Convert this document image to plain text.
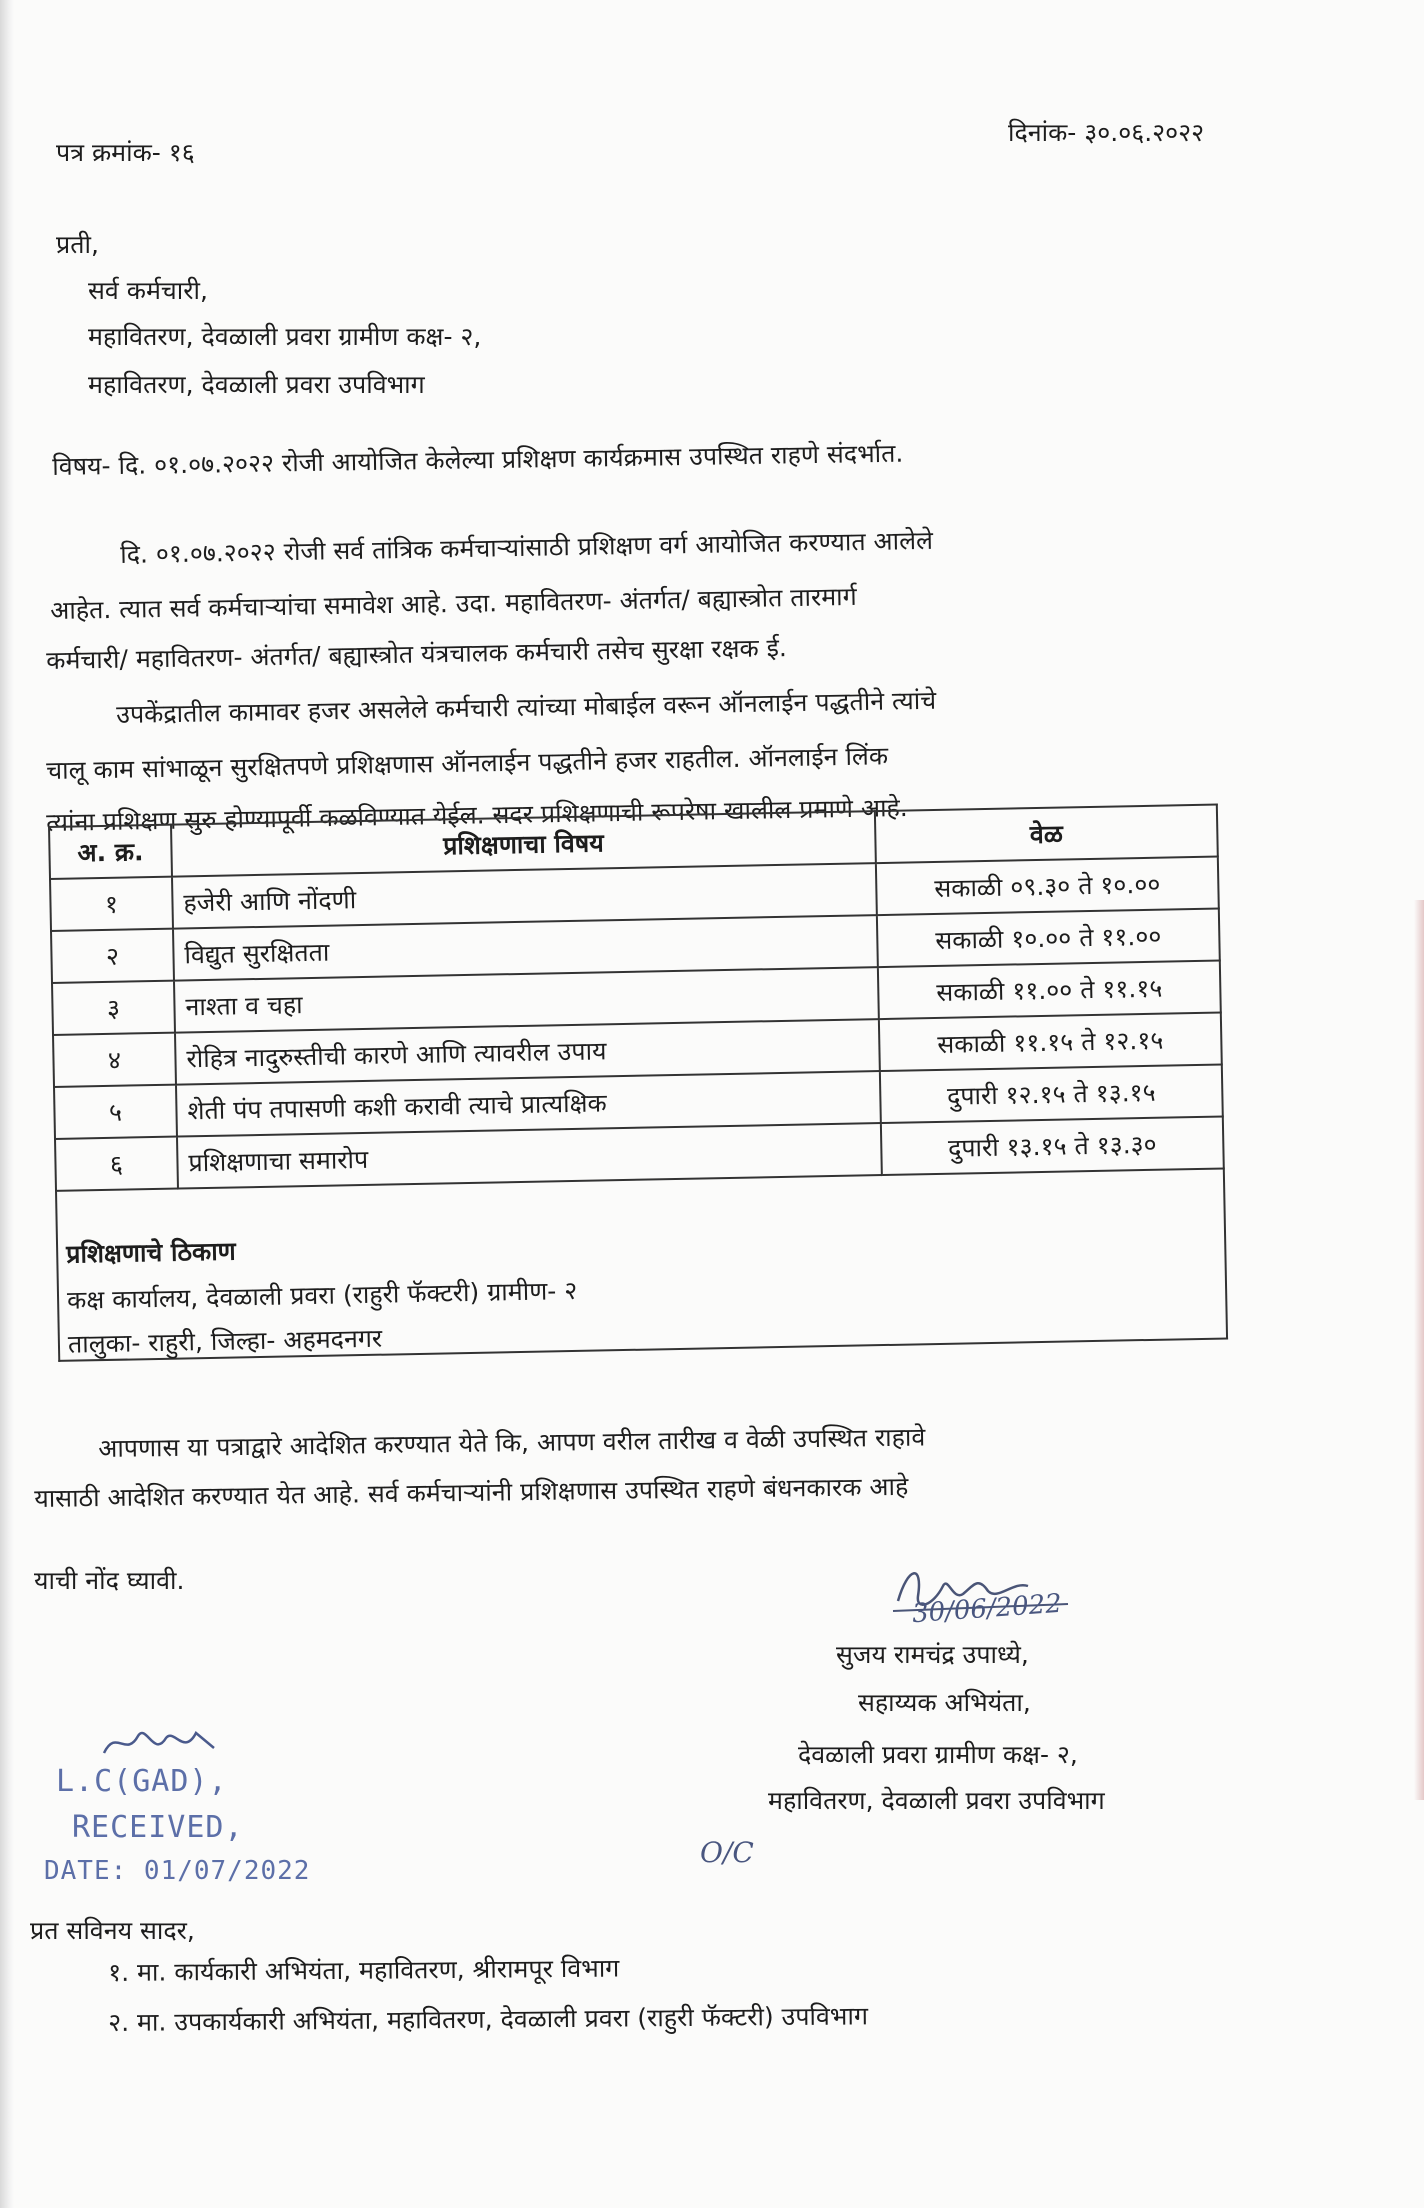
पत्र क्रमांक- १६
दिनांक- ३०.०६.२०२२
प्रती,
सर्व कर्मचारी,
महावितरण, देवळाली प्रवरा ग्रामीण कक्ष- २,
महावितरण, देवळाली प्रवरा उपविभाग
विषय- दि. ०१.०७.२०२२ रोजी आयोजित केलेल्या प्रशिक्षण कार्यक्रमास उपस्थित राहणे संदर्भात.
दि. ०१.०७.२०२२ रोजी सर्व तांत्रिक कर्मचाऱ्यांसाठी प्रशिक्षण वर्ग आयोजित करण्यात आलेले
आहेत. त्यात सर्व कर्मचाऱ्यांचा समावेश आहे. उदा. महावितरण- अंतर्गत/ बह्यास्त्रोत तारमार्ग
कर्मचारी/ महावितरण- अंतर्गत/ बह्यास्त्रोत यंत्रचालक कर्मचारी तसेच सुरक्षा रक्षक ई.
उपकेंद्रातील कामावर हजर असलेले कर्मचारी त्यांच्या मोबाईल वरून ऑनलाईन पद्धतीने त्यांचे
चालू काम सांभाळून सुरक्षितपणे प्रशिक्षणास ऑनलाईन पद्धतीने हजर राहतील. ऑनलाईन लिंक
त्यांना प्रशिक्षण सुरु होण्यापूर्वी कळविण्यात येईल. सदर प्रशिक्षणाची रूपरेषा खालील प्रमाणे आहे.
अ. क्र.	प्रशिक्षणाचा विषय	वेळ
१	हजेरी आणि नोंदणी	सकाळी ०९.३० ते १०.००
२	विद्युत सुरक्षितता	सकाळी १०.०० ते ११.००
३	नाश्ता व चहा	सकाळी ११.०० ते ११.१५
४	रोहित्र नादुरुस्तीची कारणे आणि त्यावरील उपाय	सकाळी ११.१५ ते १२.१५
५	शेती पंप तपासणी कशी करावी त्याचे प्रात्यक्षिक	दुपारी १२.१५ ते १३.१५
६	प्रशिक्षणाचा समारोप	दुपारी १३.१५ ते १३.३०
प्रशिक्षणाचे ठिकाण
कक्ष कार्यालय, देवळाली प्रवरा (राहुरी फॅक्टरी) ग्रामीण- २
तालुका- राहुरी, जिल्हा- अहमदनगर
आपणास या पत्राद्वारे आदेशित करण्यात येते कि, आपण वरील तारीख व वेळी उपस्थित राहावे
यासाठी आदेशित करण्यात येत आहे. सर्व कर्मचाऱ्यांनी प्रशिक्षणास उपस्थित राहणे बंधनकारक आहे
याची नोंद घ्यावी.
30/06/2022
सुजय रामचंद्र उपाध्ये,
सहाय्यक अभियंता,
देवळाली प्रवरा ग्रामीण कक्ष- २,
महावितरण, देवळाली प्रवरा उपविभाग
O/C
L.C(GAD),
RECEIVED,
DATE: 01/07/2022
प्रत सविनय सादर,
१. मा. कार्यकारी अभियंता, महावितरण, श्रीरामपूर विभाग
२. मा. उपकार्यकारी अभियंता, महावितरण, देवळाली प्रवरा (राहुरी फॅक्टरी) उपविभाग
